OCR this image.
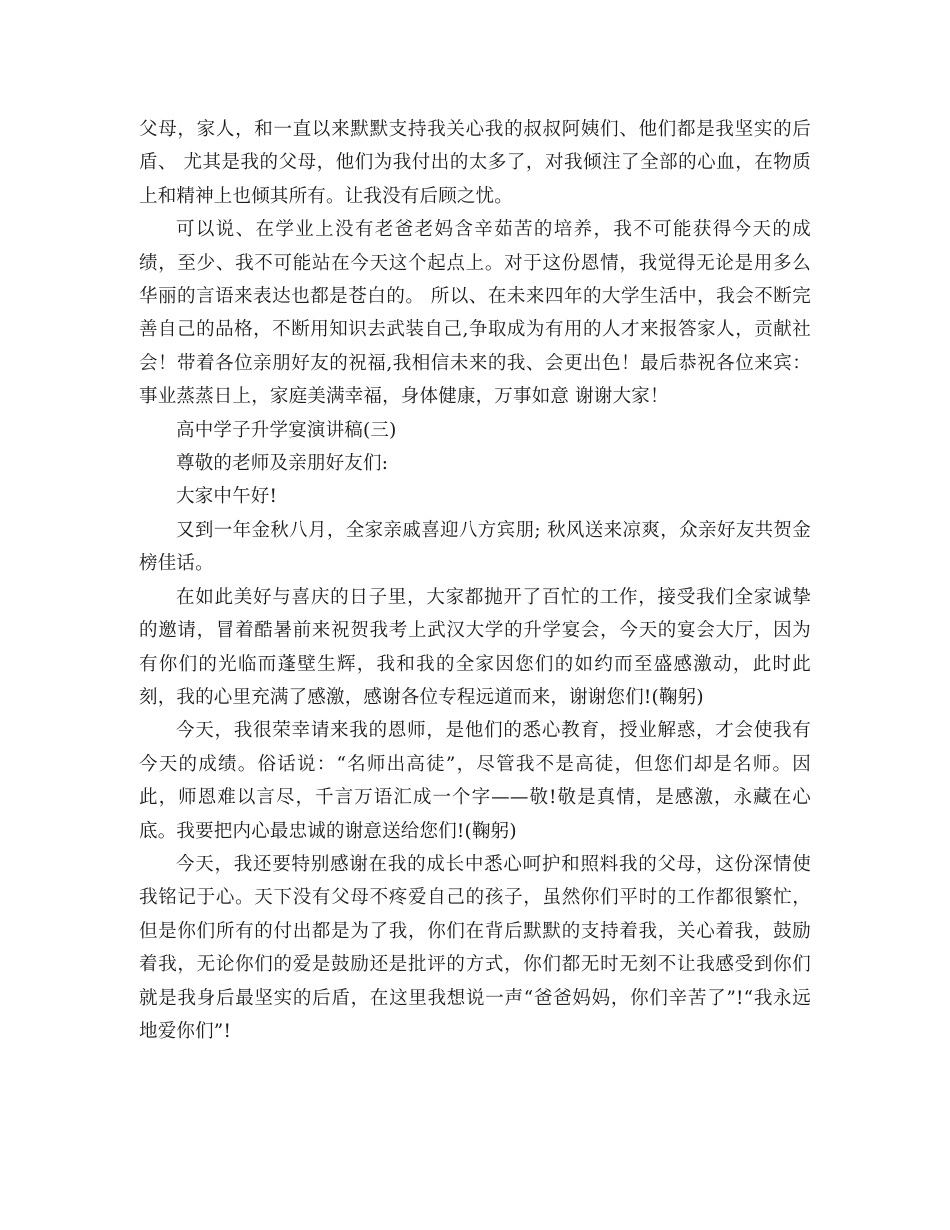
父母，家人，和一直以来默默支持我关心我的叔叔阿姨们、他们都是我坚实的后盾、 尤其是我的父母，他们为我付出的太多了，对我倾注了全部的心血，在物质上和精神上也倾其所有。让我没有后顾之忧。

可以说、在学业上没有老爸老妈含辛茹苦的培养，我不可能获得今天的成绩，至少、我不可能站在今天这个起点上。对于这份恩情，我觉得无论是用多么华丽的言语来表达也都是苍白的。 所以、在未来四年的大学生活中，我会不断完善自己的品格，不断用知识去武装自己,争取成为有用的人才来报答家人，贡献社会！带着各位亲朋好友的祝福,我相信未来的我、会更出色！最后恭祝各位来宾： 事业蒸蒸日上，家庭美满幸福，身体健康，万事如意 谢谢大家！

高中学子升学宴演讲稿(三)

尊敬的老师及亲朋好友们:

大家中午好!

又到一年金秋八月，全家亲戚喜迎八方宾朋; 秋风送来凉爽，众亲好友共贺金榜佳话。

在如此美好与喜庆的日子里，大家都抛开了百忙的工作，接受我们全家诚挚的邀请，冒着酷暑前来祝贺我考上武汉大学的升学宴会，今天的宴会大厅，因为有你们的光临而蓬壁生辉，我和我的全家因您们的如约而至盛感激动，此时此刻，我的心里充满了感激，感谢各位专程远道而来，谢谢您们!(鞠躬)

今天，我很荣幸请来我的恩师，是他们的悉心教育，授业解惑，才会使我有今天的成绩。俗话说：“名师出高徒”，尽管我不是高徒，但您们却是名师。因此，师恩难以言尽，千言万语汇成一个字——敬!敬是真情，是感激，永藏在心底。我要把内心最忠诚的谢意送给您们!(鞠躬)

今天，我还要特别感谢在我的成长中悉心呵护和照料我的父母，这份深情使我铭记于心。天下没有父母不疼爱自己的孩子，虽然你们平时的工作都很繁忙，但是你们所有的付出都是为了我，你们在背后默默的支持着我，关心着我，鼓励着我，无论你们的爱是鼓励还是批评的方式，你们都无时无刻不让我感受到你们就是我身后最坚实的后盾，在这里我想说一声“爸爸妈妈，你们辛苦了”!“我永远地爱你们”!
